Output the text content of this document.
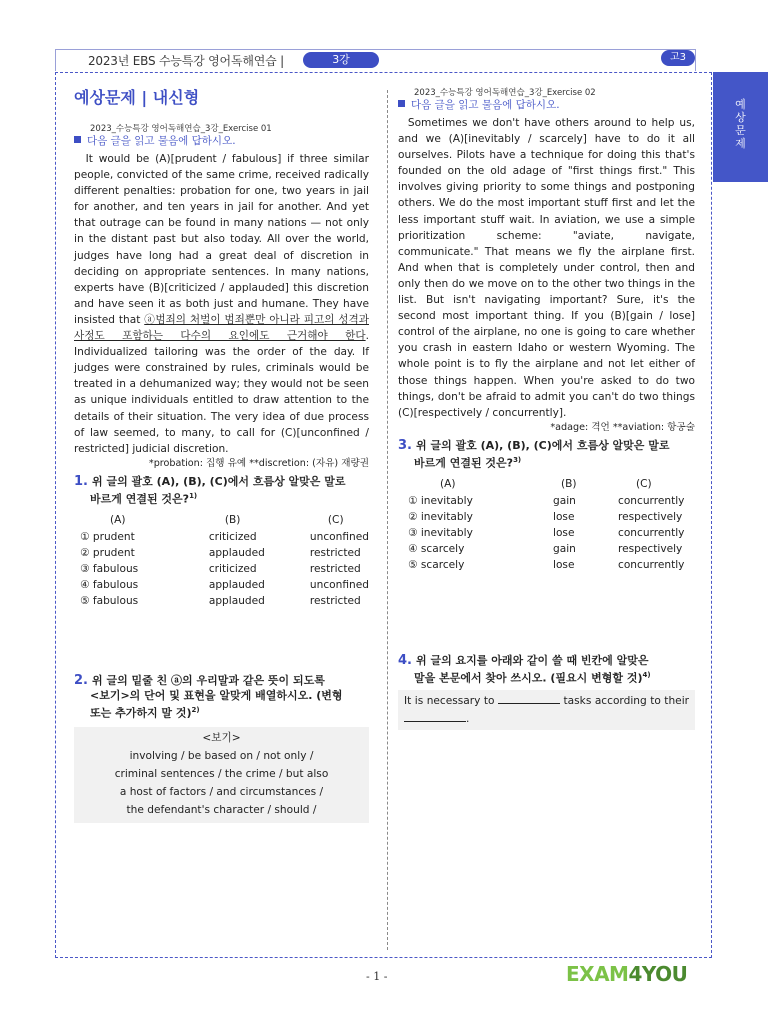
2023년 EBS 수능특강 영어독해연습 |	3강	고3
예상문제
예상문제 | 내신형
2023_수능특강 영어독해연습_3강_Exercise 01
다음 글을 읽고 물음에 답하시오.
It would be (A)[prudent / fabulous] if three similar people, convicted of the same crime, received radically different penalties: probation for one, two years in jail for another, and ten years in jail for another. And yet that outrage can be found in many nations — not only in the distant past but also today. All over the world, judges have long had a great deal of discretion in deciding on appropriate sentences. In many nations, experts have (B)[criticized / applauded] this discretion and have seen it as both just and humane. They have insisted that ⓐ범죄의 처벌이 범죄뿐만 아니라 피고의 성격과 사정도 포함하는 다수의 요인에도 근거해야 한다. Individualized tailoring was the order of the day. If judges were constrained by rules, criminals would be treated in a dehumanized way; they would not be seen as unique individuals entitled to draw attention to the details of their situation. The very idea of due process of law seemed, to many, to call for (C)[unconfined / restricted] judicial discretion.
*probation: 집행 유예 **discretion: (자유) 재량권
1. 위 글의 괄호 (A), (B), (C)에서 흐름상 알맞은 말로
바르게 연결된 것은?$^{1)}$
(A)	(B)	(C)
① prudent	criticized	unconfined
② prudent	applauded	restricted
③ fabulous	criticized	restricted
④ fabulous	applauded	unconfined
⑤ fabulous	applauded	restricted
2. 위 글의 밑줄 친 ⓐ의 우리말과 같은 뜻이 되도록
<보기>의 단어 및 표현을 알맞게 배열하시오. (변형
또는 추가하지 말 것)$^{2)}$
<보기>
involving / be based on / not only /
criminal sentences / the crime / but also
a host of factors / and circumstances /
the defendant's character / should /
2023_수능특강 영어독해연습_3강_Exercise 02
다음 글을 읽고 물음에 답하시오.
Sometimes we don't have others around to help us, and we (A)[inevitably / scarcely] have to do it all ourselves. Pilots have a technique for doing this that's founded on the old adage of "first things first." This involves giving priority to some things and postponing others. We do the most important stuff first and let the less important stuff wait. In aviation, we use a simple prioritization scheme: "aviate, navigate, communicate." That means we fly the airplane first. And when that is completely under control, then and only then do we move on to the other two things in the list. But isn't navigating important? Sure, it's the second most important thing. If you (B)[gain / lose] control of the airplane, no one is going to care whether you crash in eastern Idaho or western Wyoming. The whole point is to fly the airplane and not let either of those things happen. When you're asked to do two things, don't be afraid to admit you can't do two things (C)[respectively / concurrently].
*adage: 격언 **aviation: 항공술
3. 위 글의 괄호 (A), (B), (C)에서 흐름상 알맞은 말로
바르게 연결된 것은?$^{3)}$
(A)	(B)	(C)
① inevitably	gain	concurrently
② inevitably	lose	respectively
③ inevitably	lose	concurrently
④ scarcely	gain	respectively
⑤ scarcely	lose	concurrently
4. 위 글의 요지를 아래와 같이 쓸 때 빈칸에 알맞은
말을 본문에서 찾아 쓰시오. (필요시 변형할 것)$^{4)}$
It is necessary to	tasks according to their .
- 1 -	EXAM4YOU
